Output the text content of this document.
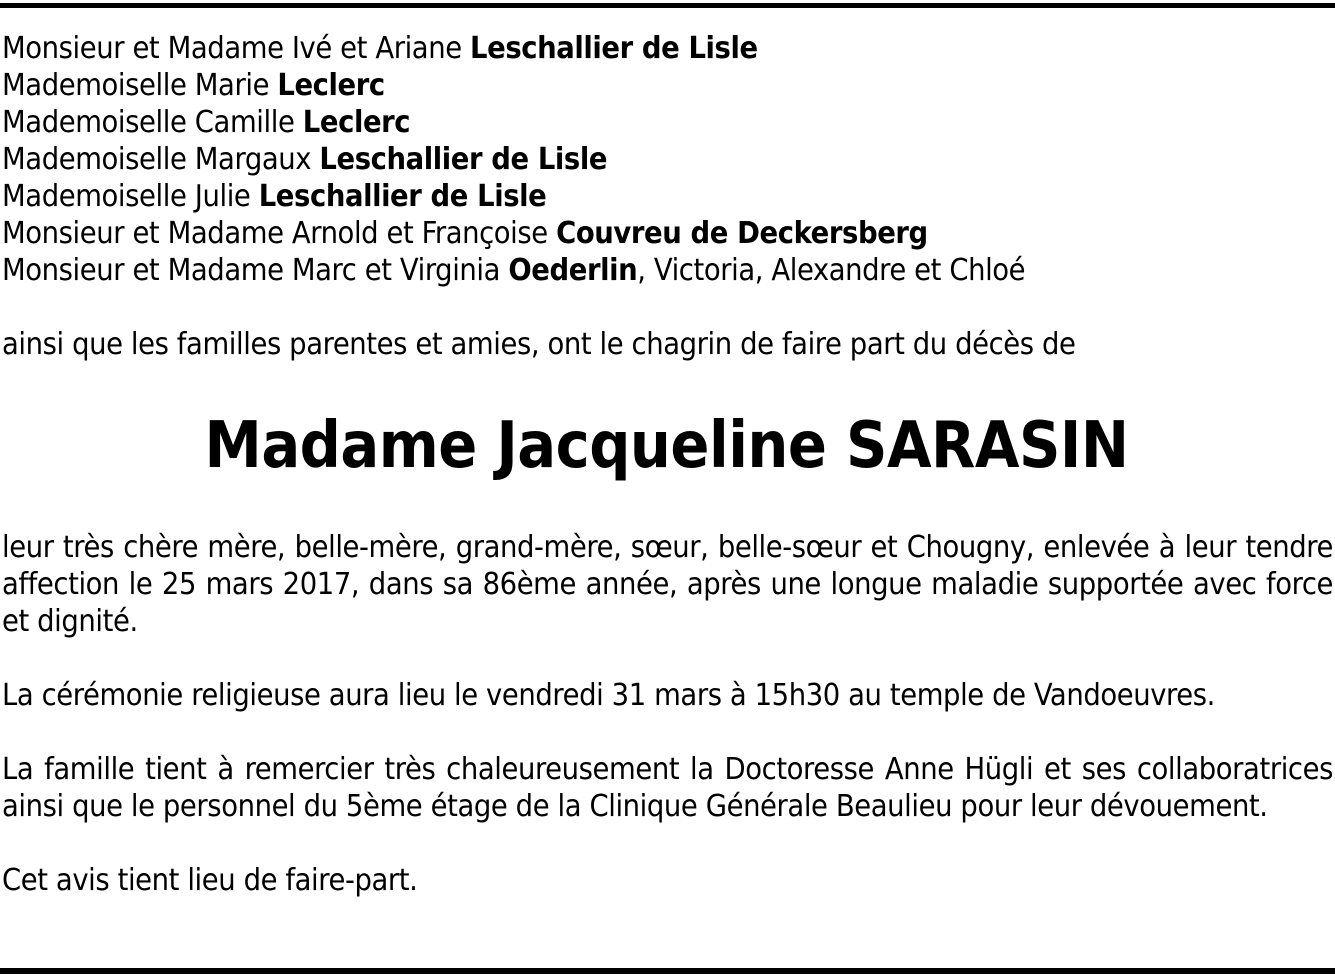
Monsieur et Madame Ivé et Ariane Leschallier de Lisle
Mademoiselle Marie Leclerc
Mademoiselle Camille Leclerc
Mademoiselle Margaux Leschallier de Lisle
Mademoiselle Julie Leschallier de Lisle
Monsieur et Madame Arnold et Françoise Couvreu de Deckersberg
Monsieur et Madame Marc et Virginia Oederlin, Victoria, Alexandre et Chloé
ainsi que les familles parentes et amies, ont le chagrin de faire part du décès de
Madame Jacqueline SARASIN

leur très chère mère, belle-mère, grand-mère, sœur, belle-sœur et Chougny, enlevée à leur tendre affection le 25 mars 2017, dans sa 86ème année, après une longue maladie supportée avec force et dignité.

La cérémonie religieuse aura lieu le vendredi 31 mars à 15h30 au temple de Vandoeuvres.

La famille tient à remercier très chaleureusement la Doctoresse Anne Hügli et ses collaboratrices ainsi que le personnel du 5ème étage de la Clinique Générale Beaulieu pour leur dévouement.

Cet avis tient lieu de faire-part.
